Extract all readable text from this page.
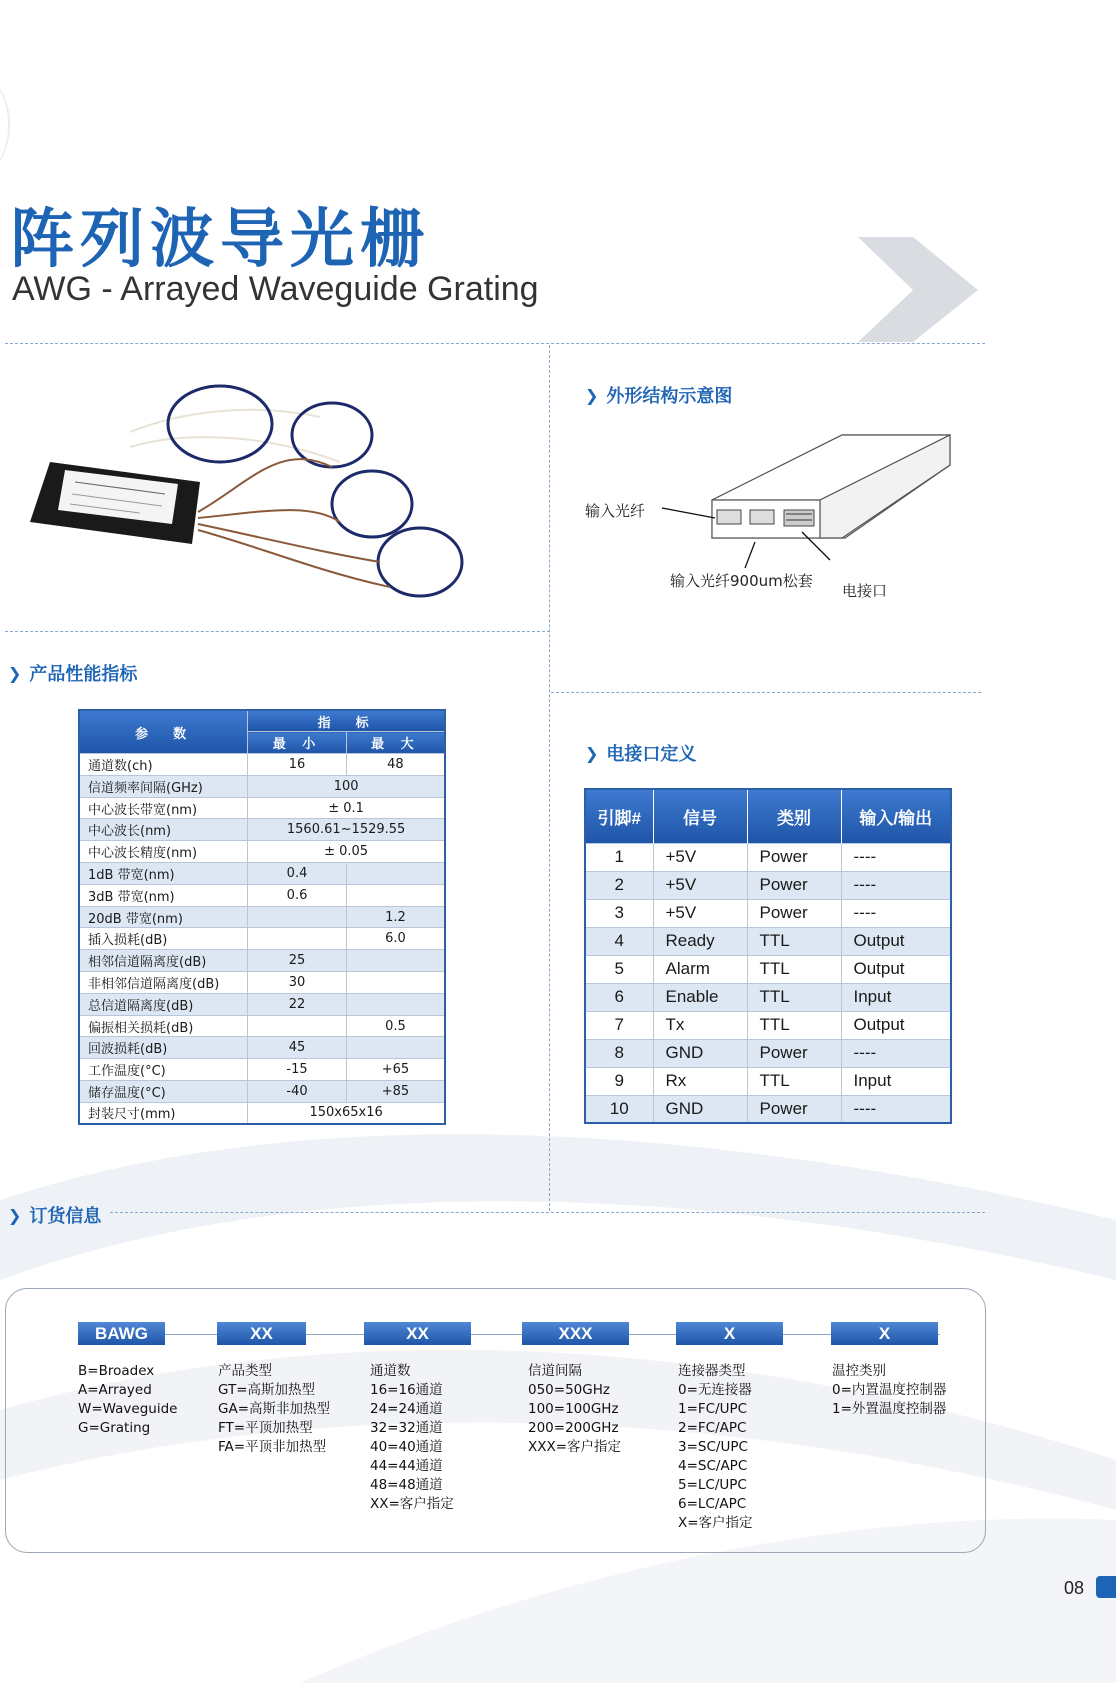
阵列波导光栅
AWG - Arrayed Waveguide Grating
❯ 外形结构示意图
输入光纤
输入光纤900um松套
电接口
❯ 产品性能指标
参　数	指　标	
	最 小	最 大
通道数(ch)	16	48
信道频率间隔(GHz)	100	
中心波长带宽(nm)	± 0.1	
中心波长(nm)	1560.61~1529.55	
中心波长精度(nm)	± 0.05	
1dB 带宽(nm)	0.4	
3dB 带宽(nm)	0.6	
20dB 带宽(nm)		1.2
插入损耗(dB)		6.0
相邻信道隔离度(dB)	25	
非相邻信道隔离度(dB)	30	
总信道隔离度(dB)	22	
偏振相关损耗(dB)		0.5
回波损耗(dB)	45	
工作温度(°C)	-15	+65
储存温度(°C)	-40	+85
封装尺寸(mm)	150x65x16	
❯ 电接口定义
引脚#	信号	类别	输入/输出
1	+5V	Power	----
2	+5V	Power	----
3	+5V	Power	----
4	Ready	TTL	Output
5	Alarm	TTL	Output
6	Enable	TTL	Input
7	Tx	TTL	Output
8	GND	Power	----
9	Rx	TTL	Input
10	GND	Power	----
❯ 订货信息
BAWG	XX	XX	XXX	X	X
B=Broadex
A=Arrayed
W=Waveguide
G=Grating
产品类型
GT=高斯加热型
GA=高斯非加热型
FT=平顶加热型
FA=平顶非加热型
通道数
16=16通道
24=24通道
32=32通道
40=40通道
44=44通道
48=48通道
XX=客户指定
信道间隔
050=50GHz
100=100GHz
200=200GHz
XXX=客户指定
连接器类型
0=无连接器
1=FC/UPC
2=FC/APC
3=SC/UPC
4=SC/APC
5=LC/UPC
6=LC/APC
X=客户指定
温控类别
0=内置温度控制器
1=外置温度控制器
08
